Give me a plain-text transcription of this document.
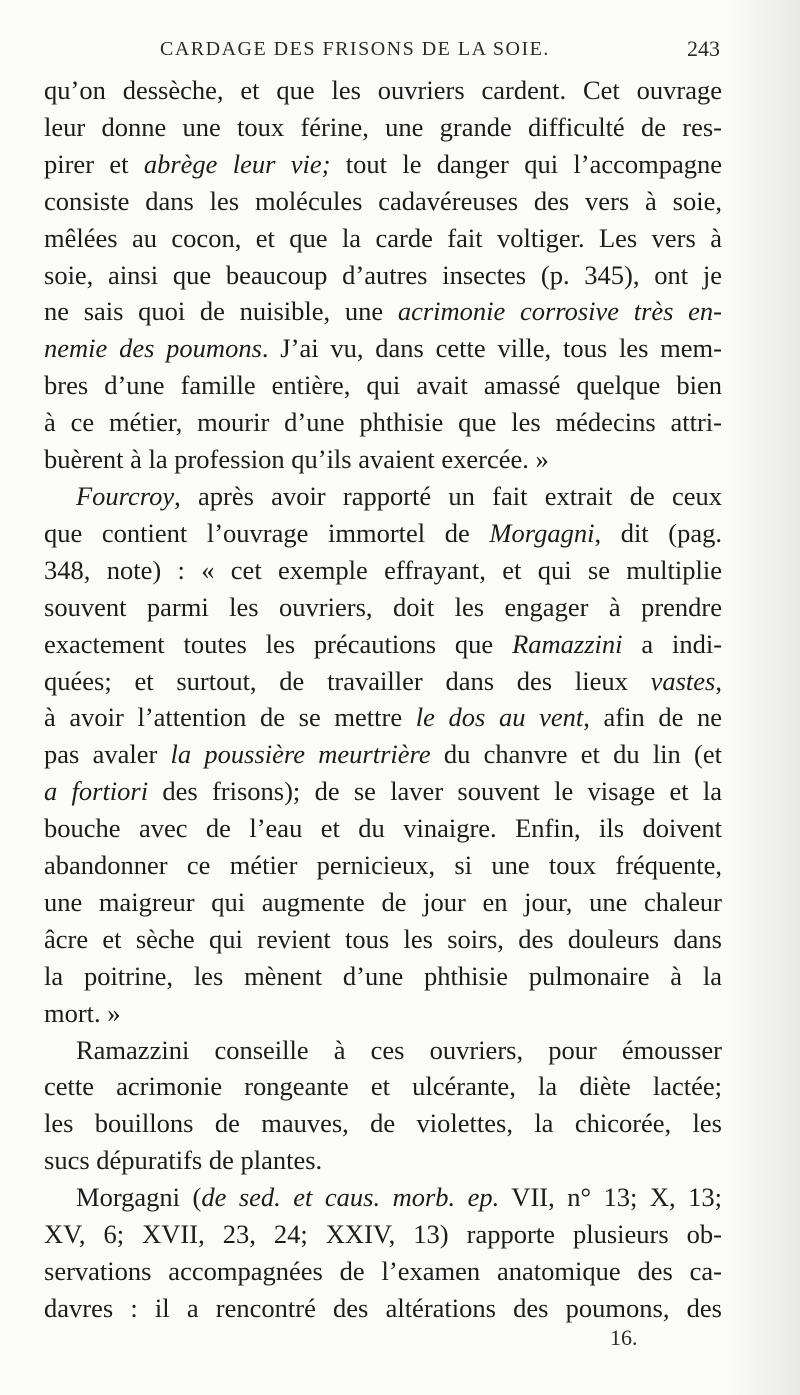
CARDAGE DES FRISONS DE LA SOIE.	243

qu’on dessèche, et que les ouvriers cardent. Cet ouvrage
leur donne une toux férine, une grande difficulté de res-
pirer et abrège leur vie; tout le danger qui l’accompagne
consiste dans les molécules cadavéreuses des vers à soie,
mêlées au cocon, et que la carde fait voltiger. Les vers à
soie, ainsi que beaucoup d’autres insectes (p. 345), ont je
ne sais quoi de nuisible, une acrimonie corrosive très en-
nemie des poumons. J’ai vu, dans cette ville, tous les mem-
bres d’une famille entière, qui avait amassé quelque bien
à ce métier, mourir d’une phthisie que les médecins attri-
buèrent à la profession qu’ils avaient exercée. »

Fourcroy, après avoir rapporté un fait extrait de ceux
que contient l’ouvrage immortel de Morgagni, dit (pag.
348, note) : « cet exemple effrayant, et qui se multiplie
souvent parmi les ouvriers, doit les engager à prendre
exactement toutes les précautions que Ramazzini a indi-
quées; et surtout, de travailler dans des lieux vastes,
à avoir l’attention de se mettre le dos au vent, afin de ne
pas avaler la poussière meurtrière du chanvre et du lin (et
a fortiori des frisons); de se laver souvent le visage et la
bouche avec de l’eau et du vinaigre. Enfin, ils doivent
abandonner ce métier pernicieux, si une toux fréquente,
une maigreur qui augmente de jour en jour, une chaleur
âcre et sèche qui revient tous les soirs, des douleurs dans
la poitrine, les mènent d’une phthisie pulmonaire à la
mort. »

Ramazzini conseille à ces ouvriers, pour émousser
cette acrimonie rongeante et ulcérante, la diète lactée;
les bouillons de mauves, de violettes, la chicorée, les
sucs dépuratifs de plantes.

Morgagni (de sed. et caus. morb. ep. VII, n° 13; X, 13;
XV, 6; XVII, 23, 24; XXIV, 13) rapporte plusieurs ob-
servations accompagnées de l’examen anatomique des ca-
davres : il a rencontré des altérations des poumons, des

16.
